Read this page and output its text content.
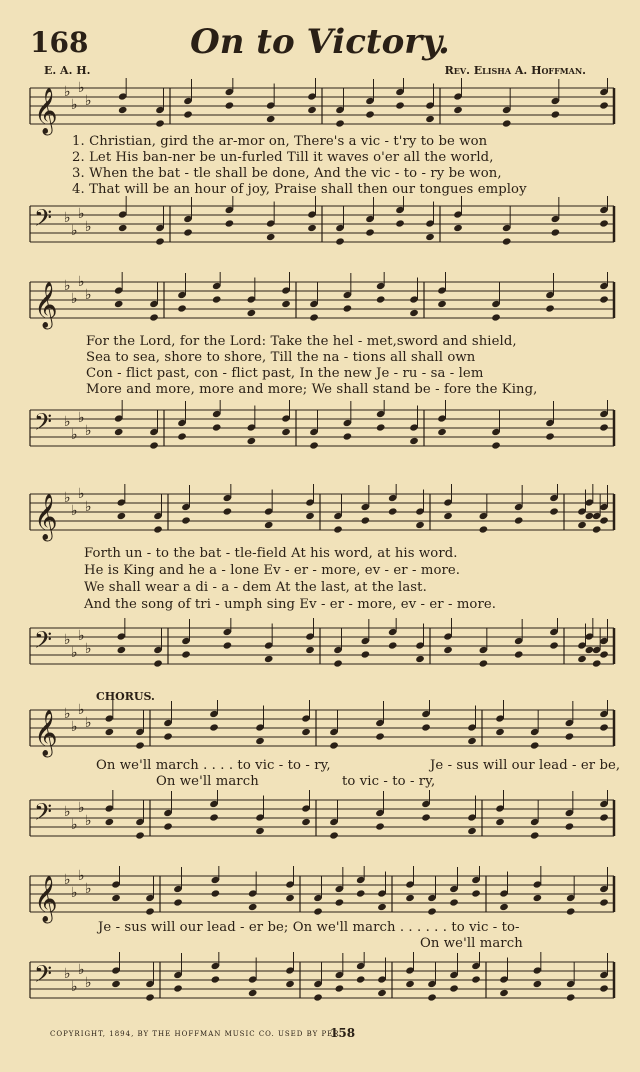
168	On to Victory.
E. A. H.	Rev. Elisha A. Hoffman.
𝄞 ♭
♭
♭
♭
1. Christian, gird the ar-mor on, There's a vic - t'ry to be won
2. Let His ban-ner be un-furled Till it waves o'er all the world,
3. When the bat - tle shall be done, And the vic - to - ry be won,
4. That will be an hour of joy, Praise shall then our tongues employ
𝄢 ♭
♭
♭
♭
𝄞 ♭
♭
♭
♭
For the Lord, for the Lord: Take the hel - met,sword and shield,
Sea to sea, shore to shore, Till the na - tions all shall own
Con - flict past, con - flict past, In the new Je - ru - sa - lem
More and more, more and more; We shall stand be - fore the King,
𝄢 ♭
♭
♭
♭
𝄞 ♭
♭
♭
♭
Forth un - to the bat - tle-field At his word, at his word.
He is King and he a - lone Ev - er - more, ev - er - more.
We shall wear a di - a - dem At the last, at the last.
And the song of tri - umph sing Ev - er - more, ev - er - more.
𝄢 ♭
♭
♭
♭
CHORUS.
𝄞 ♭
♭
♭
♭
On we'll march . . . . to vic - to - ry,	Je - sus will our lead - er be,
On we'll march	to vic - to - ry,
𝄢 ♭
♭
♭
♭
𝄞 ♭
♭
♭
♭
Je - sus will our lead - er be; On we'll march . . . . . . to vic - to-
On we'll march
𝄢 ♭
♭
♭
♭
COPYRIGHT, 1894, BY THE HOFFMAN MUSIC CO. USED BY PER.
158
